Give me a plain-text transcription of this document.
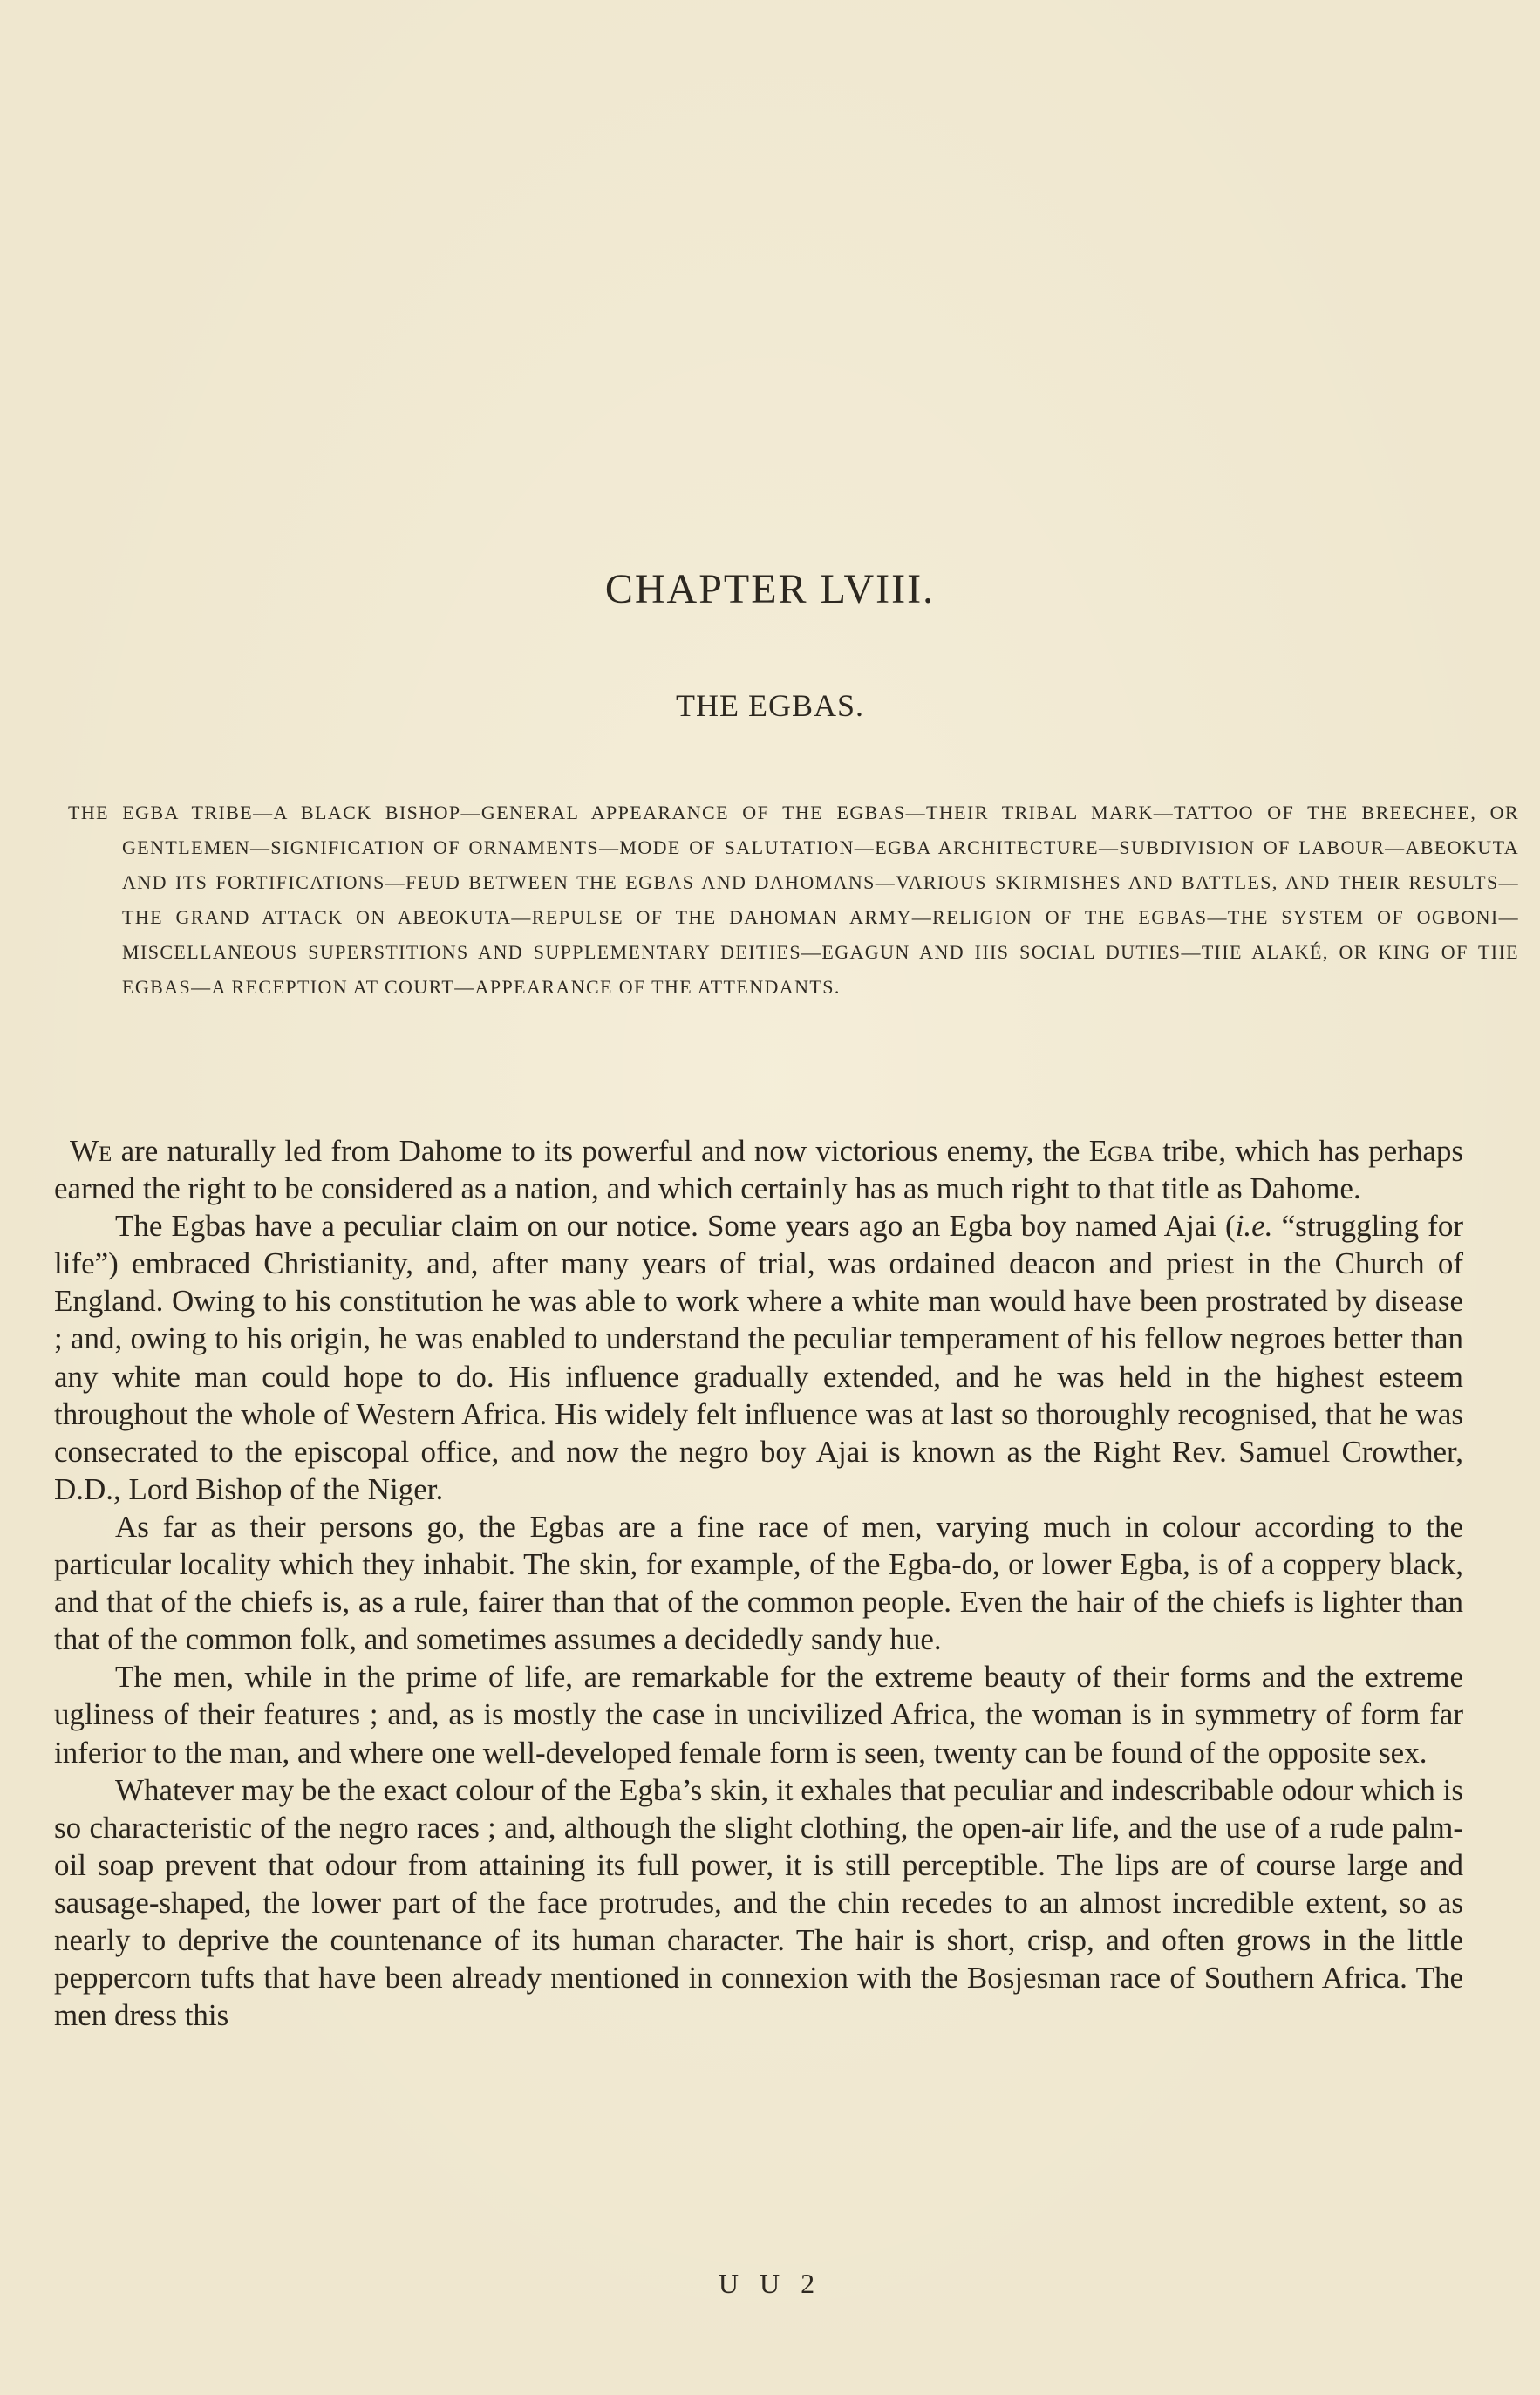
CHAPTER LVIII.
THE EGBAS.
THE EGBA TRIBE—A BLACK BISHOP—GENERAL APPEARANCE OF THE EGBAS—THEIR TRIBAL MARK—TATTOO OF THE BREECHEE, OR GENTLEMEN—SIGNIFICATION OF ORNAMENTS—MODE OF SALUTATION—EGBA ARCHITECTURE—SUBDIVISION OF LABOUR—ABEOKUTA AND ITS FORTIFICATIONS—FEUD BETWEEN THE EGBAS AND DAHOMANS—VARIOUS SKIRMISHES AND BATTLES, AND THEIR RESULTS—THE GRAND ATTACK ON ABEOKUTA—REPULSE OF THE DAHOMAN ARMY—RELIGION OF THE EGBAS—THE SYSTEM OF OGBONI—MISCELLANEOUS SUPERSTITIONS AND SUPPLEMENTARY DEITIES—EGAGUN AND HIS SOCIAL DUTIES—THE ALAKÉ, OR KING OF THE EGBAS—A RECEPTION AT COURT—APPEARANCE OF THE ATTENDANTS.

We are naturally led from Dahome to its powerful and now victorious enemy, the Egba tribe, which has perhaps earned the right to be considered as a nation, and which certainly has as much right to that title as Dahome.

The Egbas have a peculiar claim on our notice. Some years ago an Egba boy named Ajai (i.e. “struggling for life”) embraced Christianity, and, after many years of trial, was ordained deacon and priest in the Church of England. Owing to his constitution he was able to work where a white man would have been prostrated by disease ; and, owing to his origin, he was enabled to understand the peculiar temperament of his fellow negroes better than any white man could hope to do. His influence gradually extended, and he was held in the highest esteem throughout the whole of Western Africa. His widely felt influence was at last so thoroughly recognised, that he was consecrated to the episcopal office, and now the negro boy Ajai is known as the Right Rev. Samuel Crowther, D.D., Lord Bishop of the Niger.

As far as their persons go, the Egbas are a fine race of men, varying much in colour according to the particular locality which they inhabit. The skin, for example, of the Egba-do, or lower Egba, is of a coppery black, and that of the chiefs is, as a rule, fairer than that of the common people. Even the hair of the chiefs is lighter than that of the common folk, and sometimes assumes a decidedly sandy hue.

The men, while in the prime of life, are remarkable for the extreme beauty of their forms and the extreme ugliness of their features ; and, as is mostly the case in uncivilized Africa, the woman is in symmetry of form far inferior to the man, and where one well-developed female form is seen, twenty can be found of the opposite sex.

Whatever may be the exact colour of the Egba’s skin, it exhales that peculiar and indescribable odour which is so characteristic of the negro races ; and, although the slight clothing, the open-air life, and the use of a rude palm-oil soap prevent that odour from attaining its full power, it is still perceptible. The lips are of course large and sausage-shaped, the lower part of the face protrudes, and the chin recedes to an almost incredible extent, so as nearly to deprive the countenance of its human character. The hair is short, crisp, and often grows in the little peppercorn tufts that have been already mentioned in connexion with the Bosjesman race of Southern Africa. The men dress this

U U 2
